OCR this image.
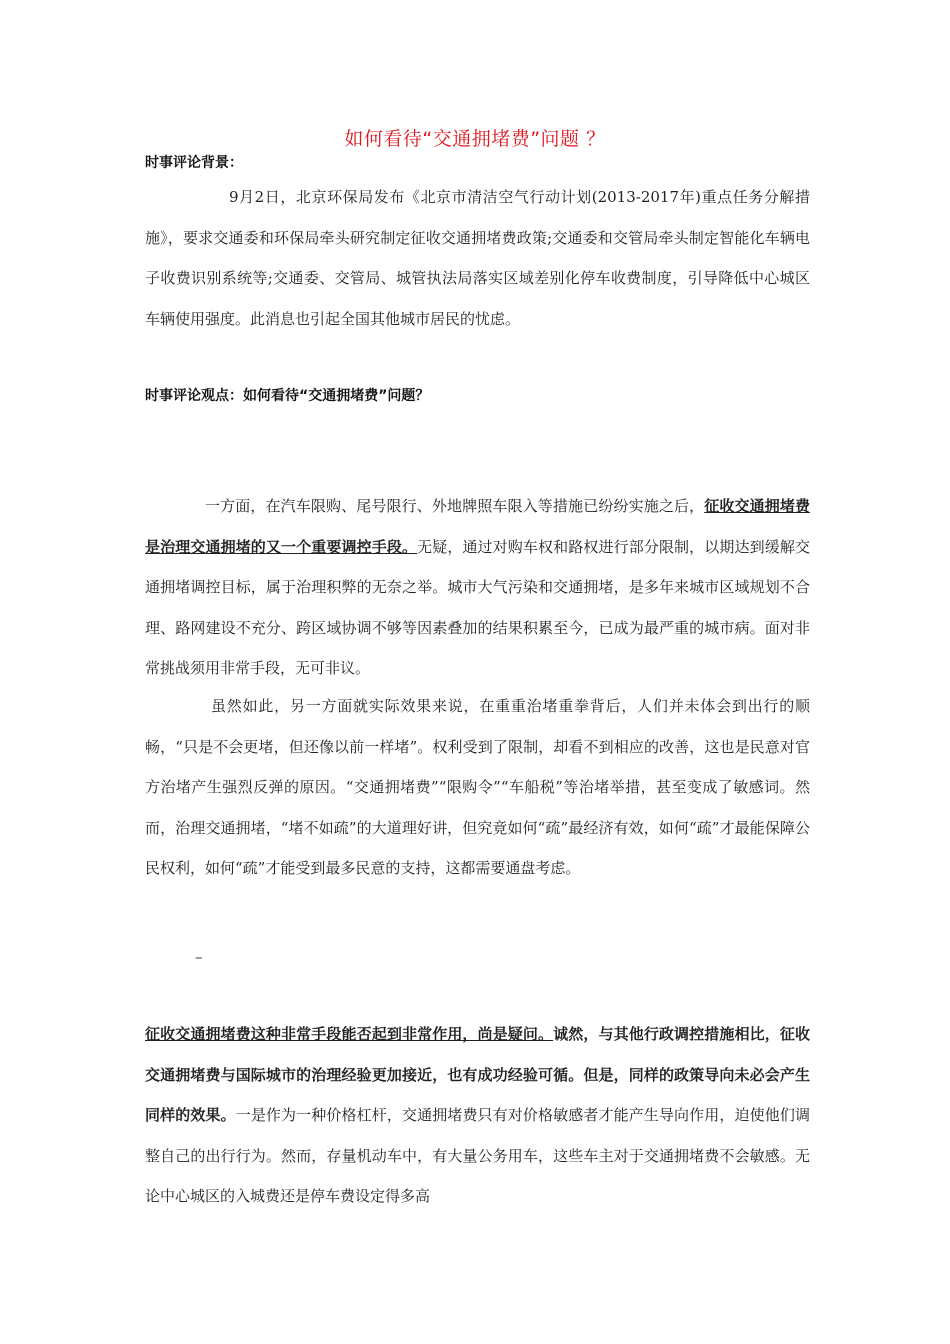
如何看待“交通拥堵费”问题 ？
时事评论背景：
9月2日，北京环保局发布《北京市清洁空气行动计划(2013-2017年)重点任务分解措施》，要求交通委和环保局牵头研究制定征收交通拥堵费政策;交通委和交管局牵头制定智能化车辆电子收费识别系统等;交通委、交管局、城管执法局落实区域差别化停车收费制度，引导降低中心城区车辆使用强度。此消息也引起全国其他城市居民的忧虑。
时事评论观点：如何看待“交通拥堵费”问题？
一方面，在汽车限购、尾号限行、外地牌照车限入等措施已纷纷实施之后，征收交通拥堵费是治理交通拥堵的又一个重要调控手段。无疑，通过对购车权和路权进行部分限制，以期达到缓解交通拥堵调控目标，属于治理积弊的无奈之举。城市大气污染和交通拥堵，是多年来城市区域规划不合理、路网建设不充分、跨区域协调不够等因素叠加的结果积累至今，已成为最严重的城市病。面对非常挑战须用非常手段，无可非议。
虽然如此，另一方面就实际效果来说，在重重治堵重拳背后，人们并未体会到出行的顺畅，“只是不会更堵，但还像以前一样堵”。权利受到了限制，却看不到相应的改善，这也是民意对官方治堵产生强烈反弹的原因。“交通拥堵费”“限购令”“车船税”等治堵举措，甚至变成了敏感词。然而，治理交通拥堵，“堵不如疏”的大道理好讲，但究竟如何“疏”最经济有效，如何“疏”才最能保障公民权利，如何“疏”才能受到最多民意的支持，这都需要通盘考虑。
–
征收交通拥堵费这种非常手段能否起到非常作用，尚是疑问。诚然，与其他行政调控措施相比，征收交通拥堵费与国际城市的治理经验更加接近，也有成功经验可循。但是，同样的政策导向未必会产生同样的效果。一是作为一种价格杠杆，交通拥堵费只有对价格敏感者才能产生导向作用，迫使他们调整自己的出行行为。然而，存量机动车中，有大量公务用车，这些车主对于交通拥堵费不会敏感。无论中心城区的入城费还是停车费设定得多高
